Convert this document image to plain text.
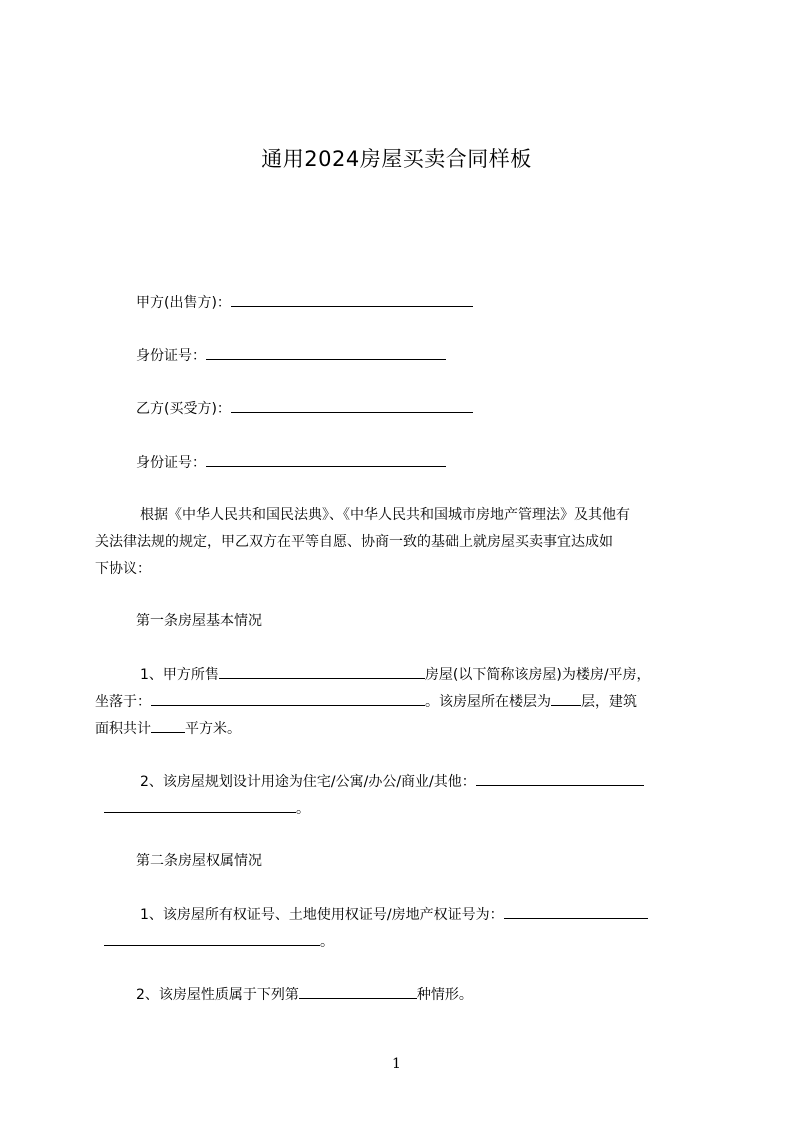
通用2024房屋买卖合同样板
甲方(出售方)：
身份证号：
乙方(买受方)：
身份证号：
根据《中华人民共和国民法典》、《中华人民共和国城市房地产管理法》及其他有
关法律法规的规定，甲乙双方在平等自愿、协商一致的基础上就房屋买卖事宜达成如
下协议：
第一条房屋基本情况
1、甲方所售	房屋(以下简称该房屋)为楼房/平房，
坐落于：	。该房屋所在楼层为 层，建筑
面积共计 平方米。
2、该房屋规划设计用途为住宅/公寓/办公/商业/其他：
。
第二条房屋权属情况
1、该房屋所有权证号、土地使用权证号/房地产权证号为：
。
2、该房屋性质属于下列第	种情形。
1
